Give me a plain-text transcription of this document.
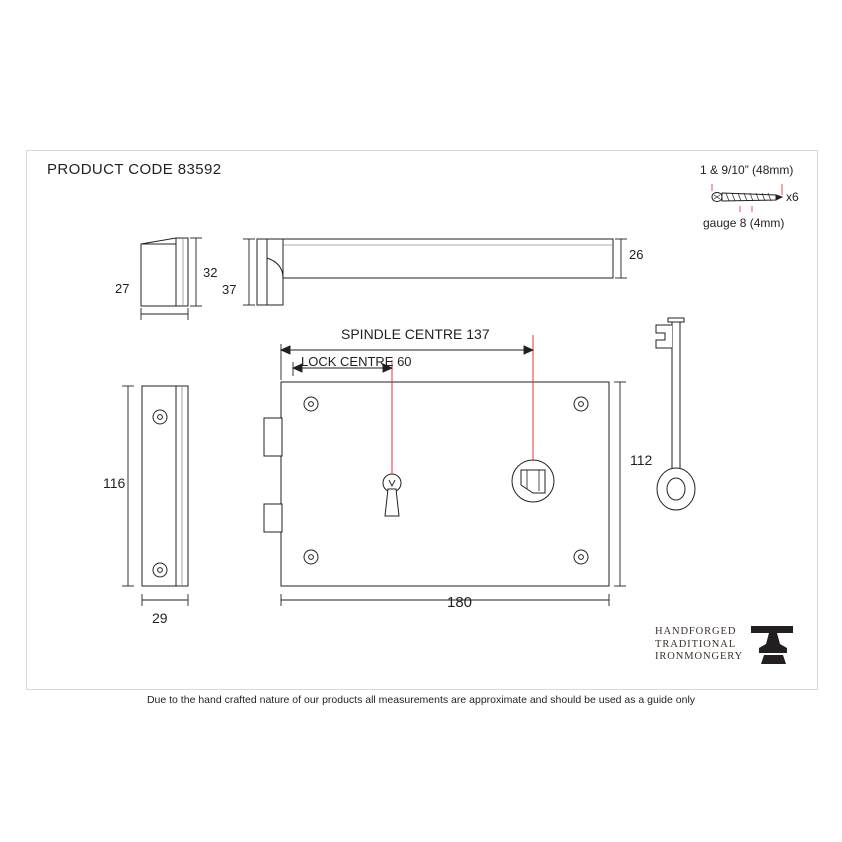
PRODUCT CODE 83592
27
32
26
37
116
29
180
112
SPINDLE CENTRE 137
LOCK CENTRE 60
1 & 9/10” (48mm)
x6
gauge 8 (4mm)
HANDFORGED
TRADITIONAL
IRONMONGERY
Due to the hand crafted nature of our products all measurements are approximate and should be used as a guide only
